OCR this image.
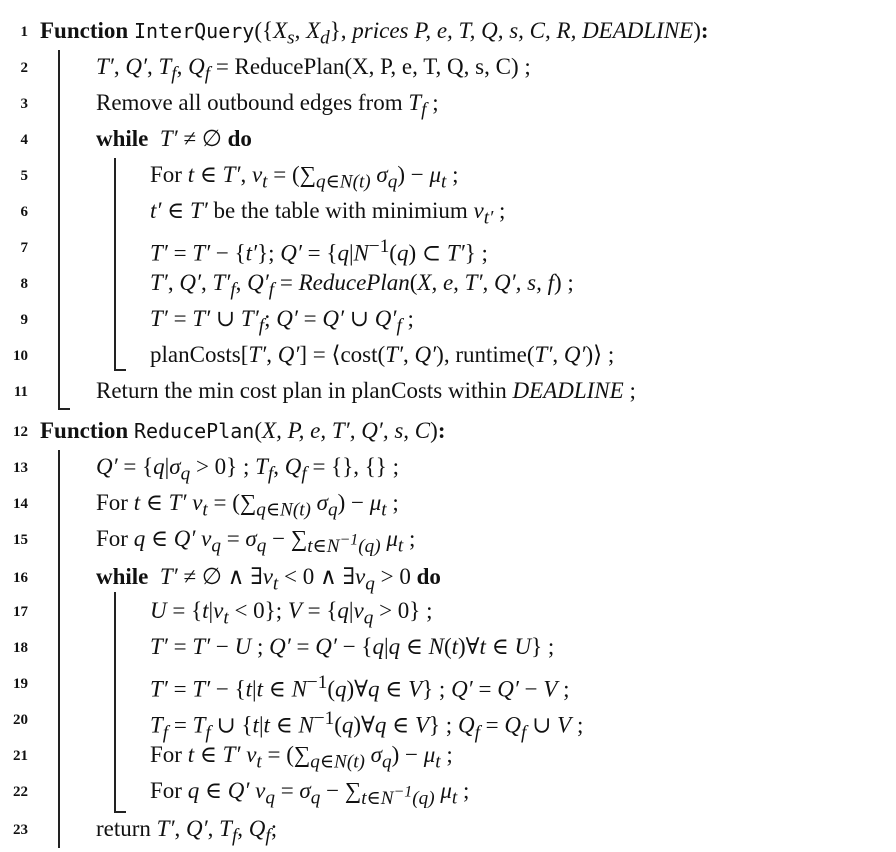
1 Function $InterQuery(\{X_s$, $X_d$}, prices P, e, T, Q, s, C, R, DEADLINE):
2	T′, Q′, $T_f$, $Q_f$ = ReducePlan(X, P, e, T, Q, s, C) ;
3	Remove all outbound edges from $T_f$ ;
4	while T′ ≠ ∅ do
5	For t ∈ T′, $v_t = (\sum_{q\in N(t)}$ $\sigma_q) - \mu_t$ ;
6	t′ ∈ T′ be the table with minimium $v_{t'}$ ;
7	T′ = T′ − {t′}; $Q' = \{q|N^{-1}(q)$ ⊂ T′} ;
8	T′, Q′, $T'_f$, $Q'_f$ = ReducePlan(X, e, T′, Q′, s, f) ;
9	T′ = T′ ∪ $T'_f$; Q′ = Q′ ∪ $Q'_f$ ;
10	planCosts[T′, Q′] = ⟨cost(T′, Q′), runtime(T′, Q′)⟩ ;
11	Return the min cost plan in planCosts within DEADLINE ;
12 Function ReducePlan(X, P, e, T′, Q′, s, C):
13	$Q' = \{q|\sigma_q > 0\}$ ; $T_f$, $Q_f$ = {}, {} ;
14	For t ∈ T′ $v_t = (\sum_{q\in N(t)}$ $\sigma_q) - \mu_t$ ;
15	For q ∈ Q′ $v_q = \sigma_q - \sum_{t\in N^{-1}(q)}$ $\mu_t$ ;
16	while T′ ≠ ∅ ∧ $\exists v_t < 0$ ∧ $\exists v_q > 0$ do
17	$U = \{t|v_t < 0\}$; $V = \{q|v_q > 0\}$ ;
18	T′ = T′ − U ; Q′ = Q′ − {q|q ∈ N(t)∀t ∈ U} ;
19	T′ = T′ − {t|t ∈ $N^{-1}(q)\forall q$ ∈ V} ; Q′ = Q′ − V ;
20	$T_f = T_f$ ∪ {t|t ∈ $N^{-1}(q)\forall q$ ∈ V} ; $Q_f = Q_f$ ∪ V ;
21	For t ∈ T′ $v_t = (\sum_{q\in N(t)}$ $\sigma_q) - \mu_t$ ;
22	For q ∈ Q′ $v_q = \sigma_q - \sum_{t\in N^{-1}(q)}$ $\mu_t$ ;
23	return T′, Q′, $T_f$, $Q_f$;
